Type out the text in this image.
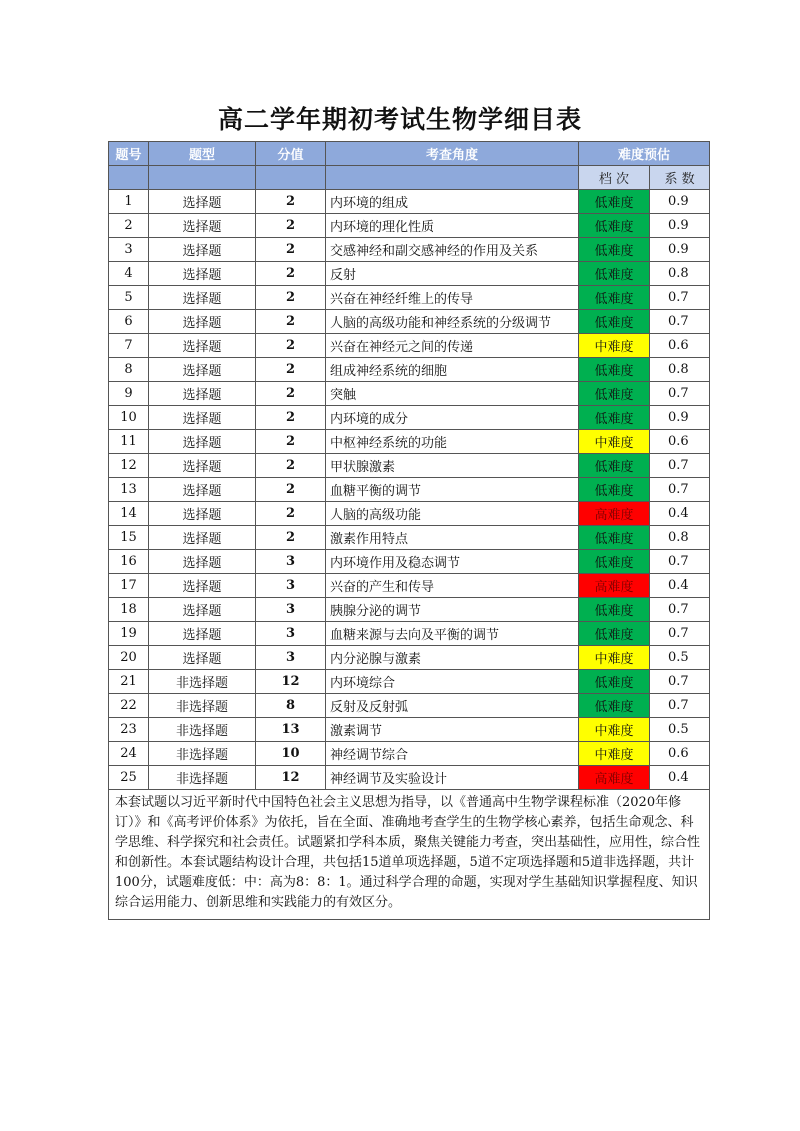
高二学年期初考试生物学细目表
题号	题型	分值	考查角度	难度预估	
				档 次	系 数
1	选择题	2	内环境的组成	低难度	0.9
2	选择题	2	内环境的理化性质	低难度	0.9
3	选择题	2	交感神经和副交感神经的作用及关系	低难度	0.9
4	选择题	2	反射	低难度	0.8
5	选择题	2	兴奋在神经纤维上的传导	低难度	0.7
6	选择题	2	人脑的高级功能和神经系统的分级调节	低难度	0.7
7	选择题	2	兴奋在神经元之间的传递	中难度	0.6
8	选择题	2	组成神经系统的细胞	低难度	0.8
9	选择题	2	突触	低难度	0.7
10	选择题	2	内环境的成分	低难度	0.9
11	选择题	2	中枢神经系统的功能	中难度	0.6
12	选择题	2	甲状腺激素	低难度	0.7
13	选择题	2	血糖平衡的调节	低难度	0.7
14	选择题	2	人脑的高级功能	高难度	0.4
15	选择题	2	激素作用特点	低难度	0.8
16	选择题	3	内环境作用及稳态调节	低难度	0.7
17	选择题	3	兴奋的产生和传导	高难度	0.4
18	选择题	3	胰腺分泌的调节	低难度	0.7
19	选择题	3	血糖来源与去向及平衡的调节	低难度	0.7
20	选择题	3	内分泌腺与激素	中难度	0.5
21	非选择题	12	内环境综合	低难度	0.7
22	非选择题	8	反射及反射弧	低难度	0.7
23	非选择题	13	激素调节	中难度	0.5
24	非选择题	10	神经调节综合	中难度	0.6
25	非选择题	12	神经调节及实验设计	高难度	0.4
本套试题以习近平新时代中国特色社会主义思想为指导，以《普通高中生物学课程标准（2020年修订）》和《高考评价体系》为依托，旨在全面、准确地考查学生的生物学核心素养，包括生命观念、科学思维、科学探究和社会责任。试题紧扣学科本质，聚焦关键能力考查，突出基础性，应用性，综合性和创新性。本套试题结构设计合理，共包括15道单项选择题，5道不定项选择题和5道非选择题，共计100分，试题难度低：中：高为8：8：1。通过科学合理的命题，实现对学生基础知识掌握程度、知识综合运用能力、创新思维和实践能力的有效区分。					
